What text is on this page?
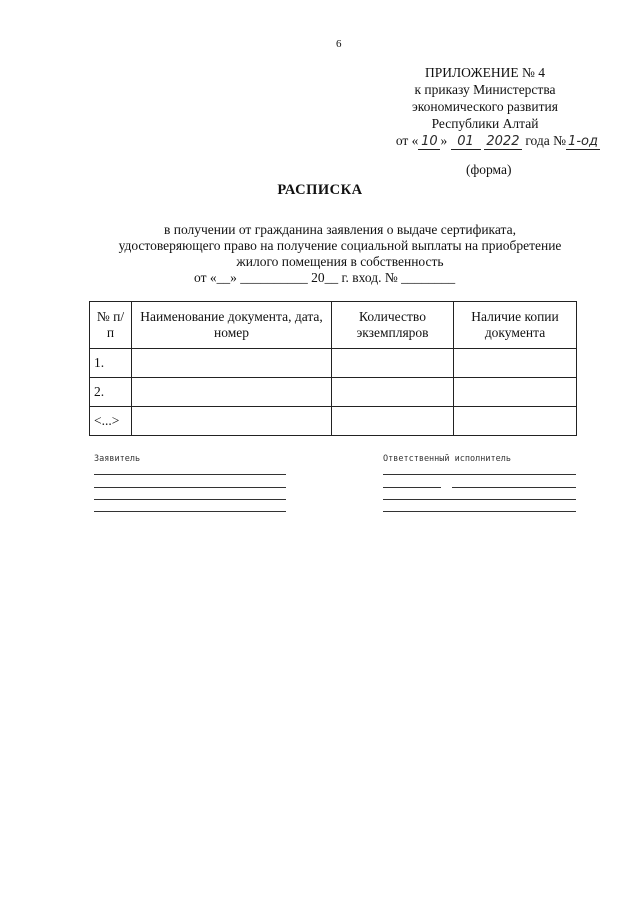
6
ПРИЛОЖЕНИЕ № 4
к приказу Министерства
экономического развития
Республики Алтай
от « 10 » 01 2022 года № 1-од
(форма)
РАСПИСКА
в получении от гражданина заявления о выдаче сертификата,
удостоверяющего право на получение социальной выплаты на приобретение
жилого помещения в собственность
от «__» __________ 20__ г. вход. № ________
№ п/п	Наименование документа, дата, номер	Количество экземпляров	Наличие копии документа
1.			
2.			
<...>			
Заявитель	Ответственный исполнитель
